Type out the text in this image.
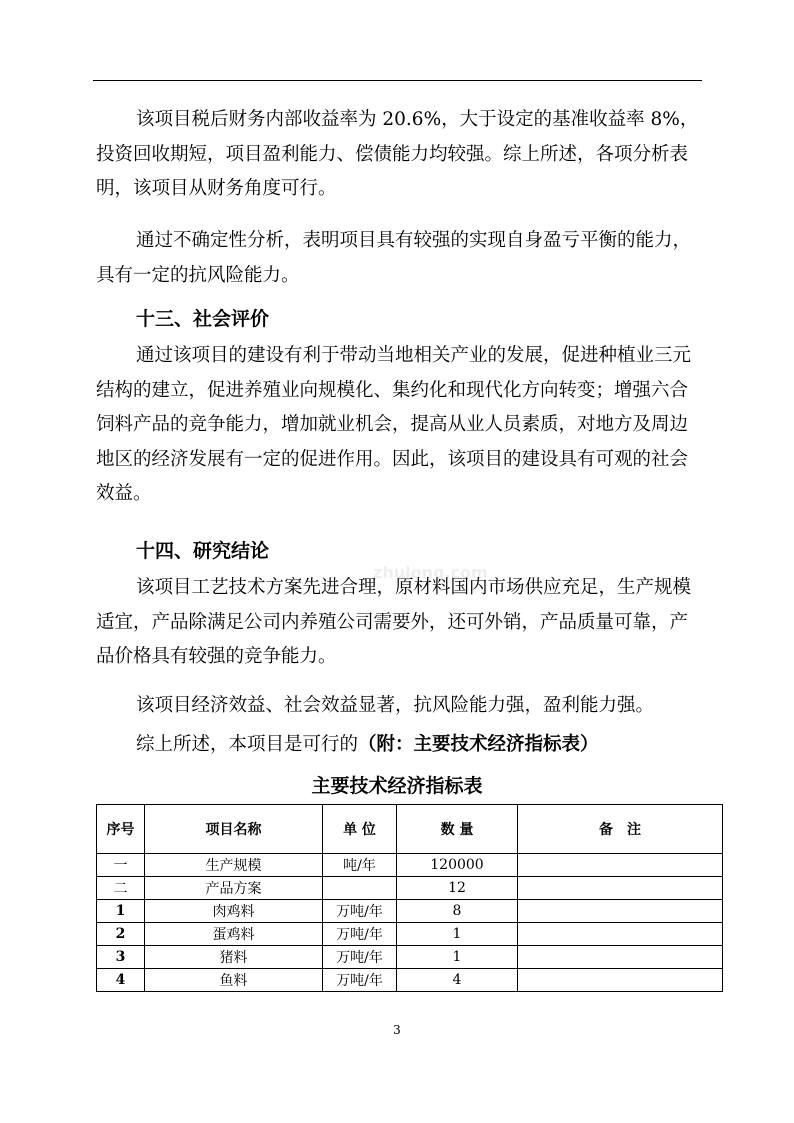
zhulong.com

该项目税后财务内部收益率为 20.6%，大于设定的基准收益率 8%，投资回收期短，项目盈利能力、偿债能力均较强。综上所述，各项分析表明，该项目从财务角度可行。

通过不确定性分析，表明项目具有较强的实现自身盈亏平衡的能力，具有一定的抗风险能力。

十三、社会评价

通过该项目的建设有利于带动当地相关产业的发展，促进种植业三元结构的建立，促进养殖业向规模化、集约化和现代化方向转变；增强六合饲料产品的竞争能力，增加就业机会，提高从业人员素质，对地方及周边地区的经济发展有一定的促进作用。因此，该项目的建设具有可观的社会效益。

十四、研究结论

该项目工艺技术方案先进合理，原材料国内市场供应充足，生产规模适宜，产品除满足公司内养殖公司需要外，还可外销，产品质量可靠，产品价格具有较强的竞争能力。

该项目经济效益、社会效益显著，抗风险能力强，盈利能力强。

综上所述，本项目是可行的（附：主要技术经济指标表）

主要技术经济指标表
序号	项目名称	单 位	数 量	备　注
一	生产规模	吨/年	120000	
二	产品方案		12	
1	肉鸡料	万吨/年	8	
2	蛋鸡料	万吨/年	1	
3	猪料	万吨/年	1	
4	鱼料	万吨/年	4	
3
